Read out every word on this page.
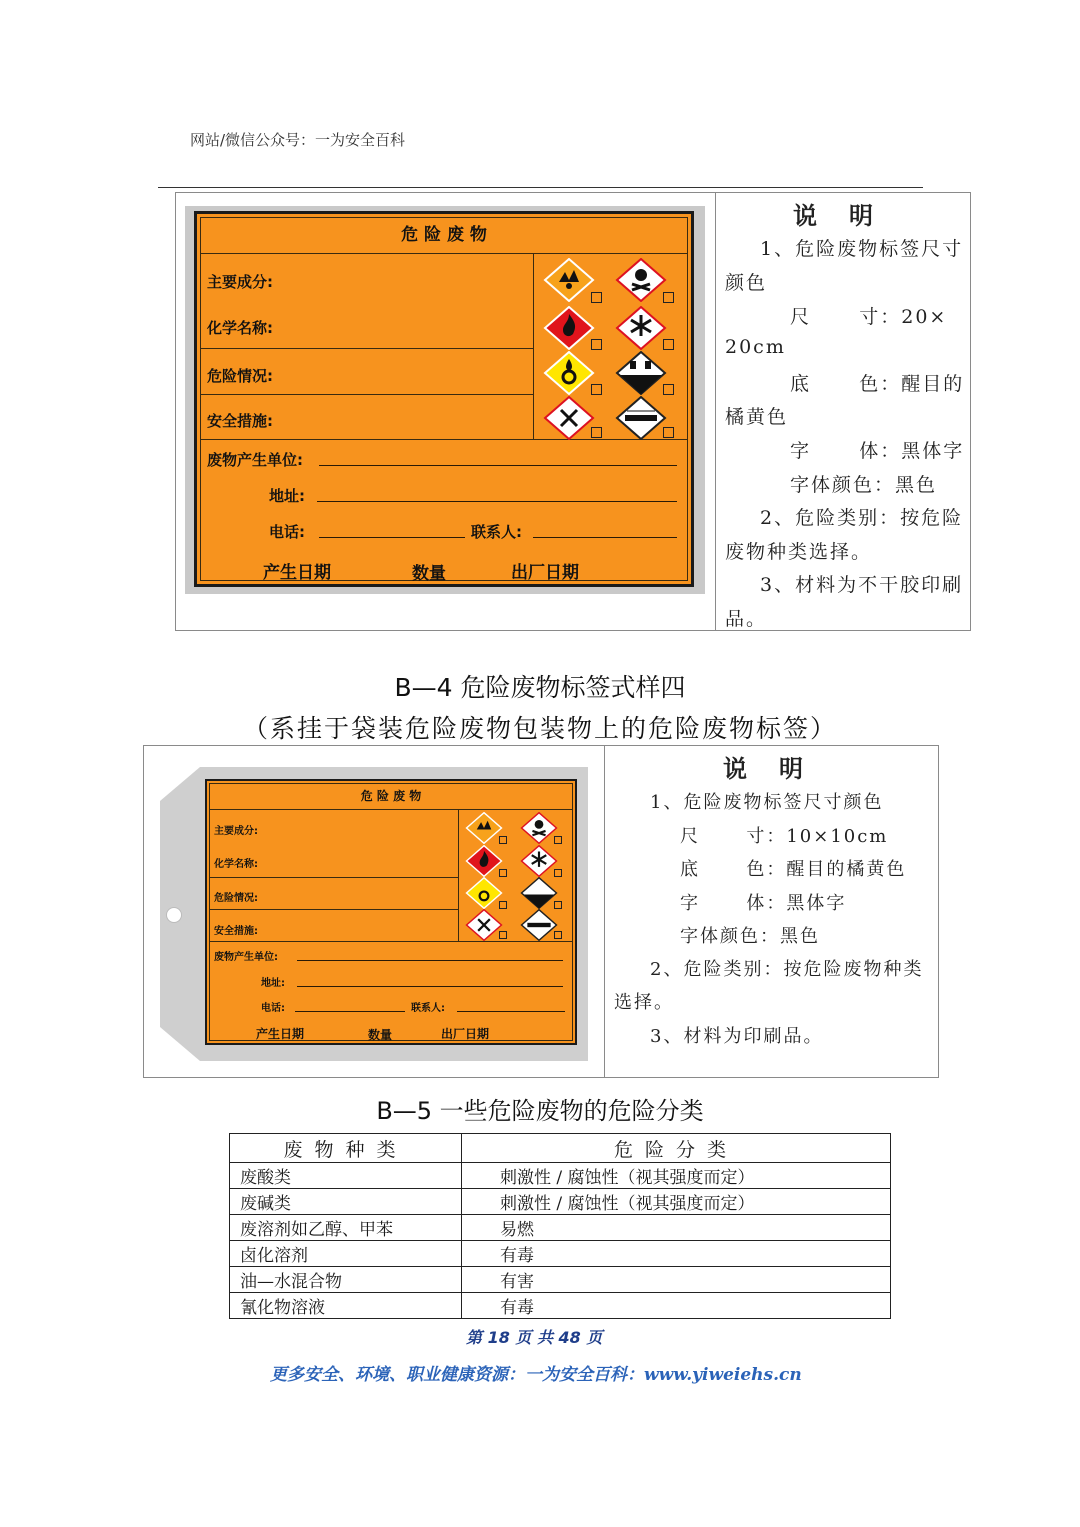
网站/微信公众号：一为安全百科
危 险 废 物
主要成分:
化学名称:
危险情况:
安全措施:
废物产生单位:
地址:
电话:	联系人:
产生日期	数量	出厂日期
说明
1、危险废物标签尺寸
颜色
尺      寸：20×
20cm
底      色：醒目的
橘黄色
字      体：黑体字
字体颜色：黑色
2、危险类别：按危险
废物种类选择。
3、材料为不干胶印刷
品。
B—4 危险废物标签式样四
（系挂于袋装危险废物包装物上的危险废物标签）
危 险 废 物
主要成分:
化学名称:
危险情况:
安全措施:
废物产生单位:
地址:
电话:	联系人:
产生日期	数量	出厂日期
说明
1、危险废物标签尺寸颜色
尺      寸：10×10cm
底      色：醒目的橘黄色
字      体：黑体字
字体颜色：黑色
2、危险类别：按危险废物种类
选择。
3、材料为印刷品。
B—5 一些危险废物的危险分类
废物种类	危险分类
废酸类	刺激性 / 腐蚀性（视其强度而定）
废碱类	刺激性 / 腐蚀性（视其强度而定）
废溶剂如乙醇、甲苯	易燃
卤化溶剂	有毒
油—水混合物	有害
氰化物溶液	有毒
第 18 页 共 48 页
更多安全、环境、职业健康资源：一为安全百科：www.yiweiehs.cn
